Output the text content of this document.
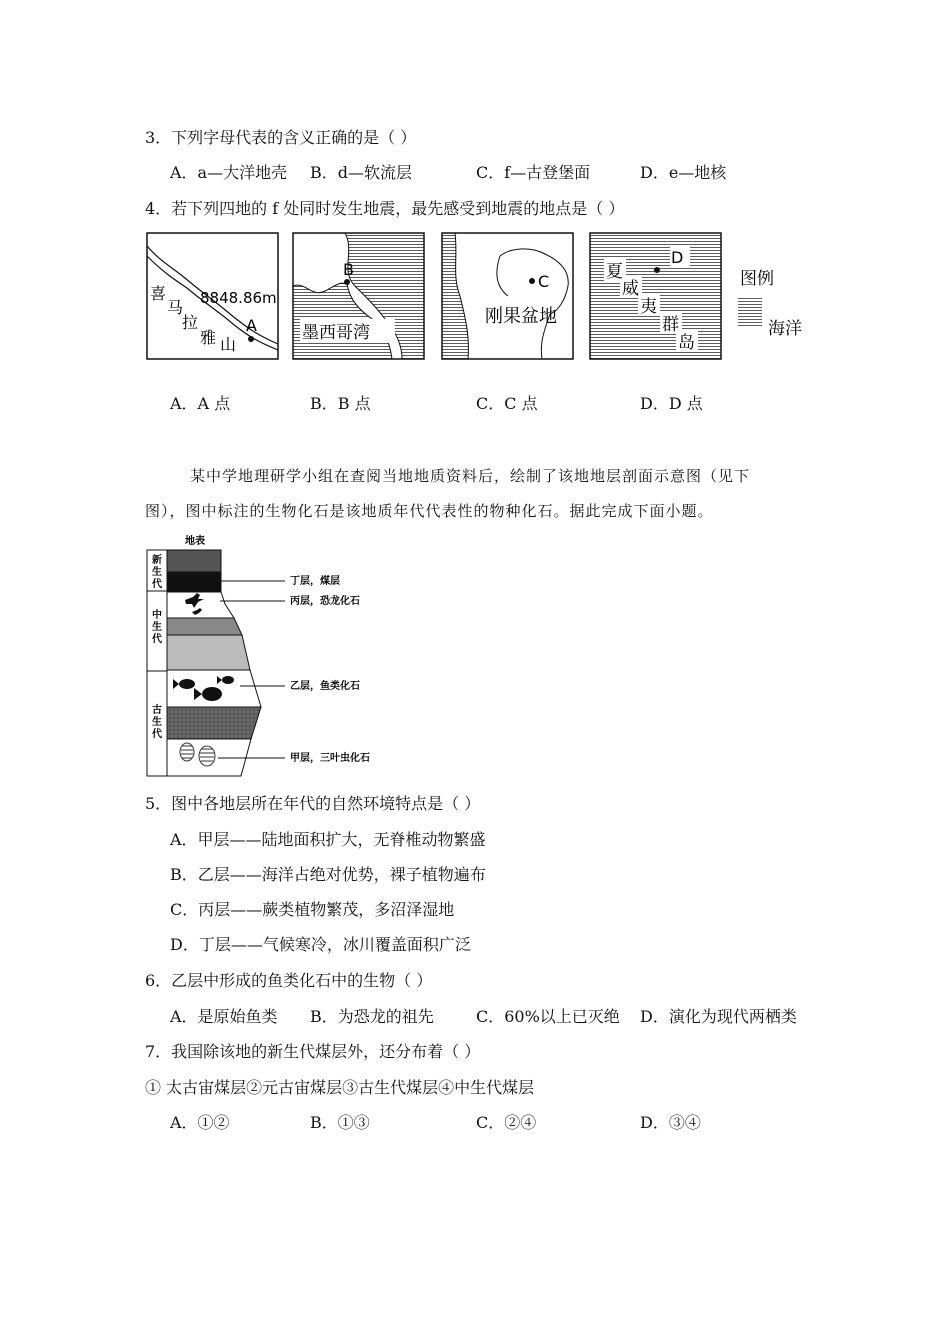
3．下列字母代表的含义正确的是（ ）
A．a—大洋地壳 B．d—软流层	C．f—古登堡面	D．e—地核
4．若下列四地的 f 处同时发生地震，最先感受到地震的地点是（ ）
喜
马
拉
雅 山
8848.86m
A
B
墨西哥湾
C
刚果盆地
夏
威
夷
群
岛
D
图例
海洋
A．A 点	B．B 点	C．C 点	D．D 点
某中学地理研学小组在查阅当地地质资料后，绘制了该地地层剖面示意图（见下
图），图中标注的生物化石是该地质年代代表性的物种化石。据此完成下面小题。
地表
新
生
代
中
生
代
古
生
代
丁层，煤层
丙层，恐龙化石
乙层，鱼类化石
甲层，三叶虫化石
5．图中各地层所在年代的自然环境特点是（ ）
A．甲层——陆地面积扩大，无脊椎动物繁盛
B．乙层——海洋占绝对优势，裸子植物遍布
C．丙层——蕨类植物繁茂，多沼泽湿地
D．丁层——气候寒冷，冰川覆盖面积广泛
6．乙层中形成的鱼类化石中的生物（ ）
A．是原始鱼类 B．为恐龙的祖先	C．60%以上已灭绝 D．演化为现代两栖类
7．我国除该地的新生代煤层外，还分布着（ ）
① 太古宙煤层②元古宙煤层③古生代煤层④中生代煤层
A．①②	B．①③	C．②④	D．③④
